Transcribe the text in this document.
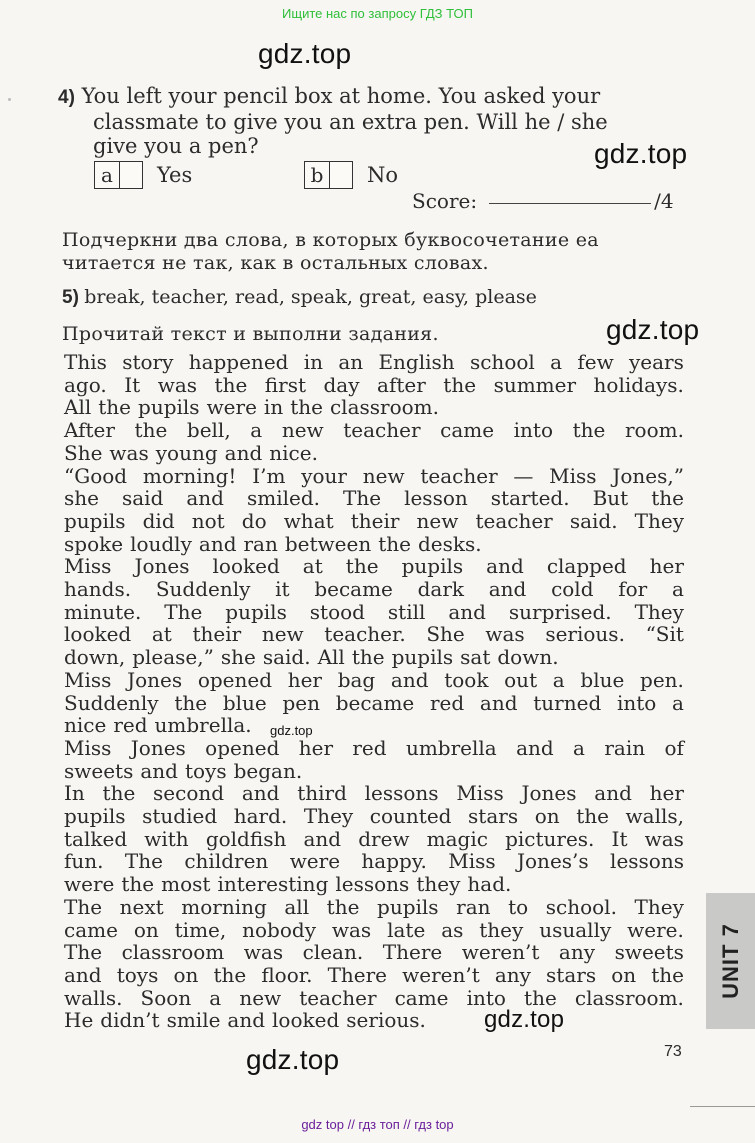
Ищите нас по запросу ГДЗ ТОП
gdz.top
4) You left your pencil box at home. You asked your
classmate to give you an extra pen. Will he / she
give you a pen?	gdz.top
a Yes	b No
Score:	/4
Подчеркни два слова, в которых буквосочетание ea
читается не так, как в остальных словах.
5) break, teacher, read, speak, great, easy, please
Прочитай текст и выполни задания.	gdz.top
This story happened in an English school a few years
ago. It was the first day after the summer holidays.
All the pupils were in the classroom.
After the bell, a new teacher came into the room.
She was young and nice.
“Good morning! I’m your new teacher — Miss Jones,”
she said and smiled. The lesson started. But the
pupils did not do what their new teacher said. They
spoke loudly and ran between the desks.
Miss Jones looked at the pupils and clapped her
hands. Suddenly it became dark and cold for a
minute. The pupils stood still and surprised. They
looked at their new teacher. She was serious. “Sit
down, please,” she said. All the pupils sat down.
Miss Jones opened her bag and took out a blue pen.
Suddenly the blue pen became red and turned into a
nice red umbrella.
Miss Jones opened her red umbrella and a rain of
sweets and toys began.
In the second and third lessons Miss Jones and her
pupils studied hard. They counted stars on the walls,
talked with goldfish and drew magic pictures. It was
fun. The children were happy. Miss Jones’s lessons
were the most interesting lessons they had.
The next morning all the pupils ran to school. They
came on time, nobody was late as they usually were.
The classroom was clean. There weren’t any sweets
and toys on the floor. There weren’t any stars on the
walls. Soon a new teacher came into the classroom.
He didn’t smile and looked serious.
gdz.top
gdz.top
UNIT 7
73
gdz.top
gdz top // гдз топ // гдз top
